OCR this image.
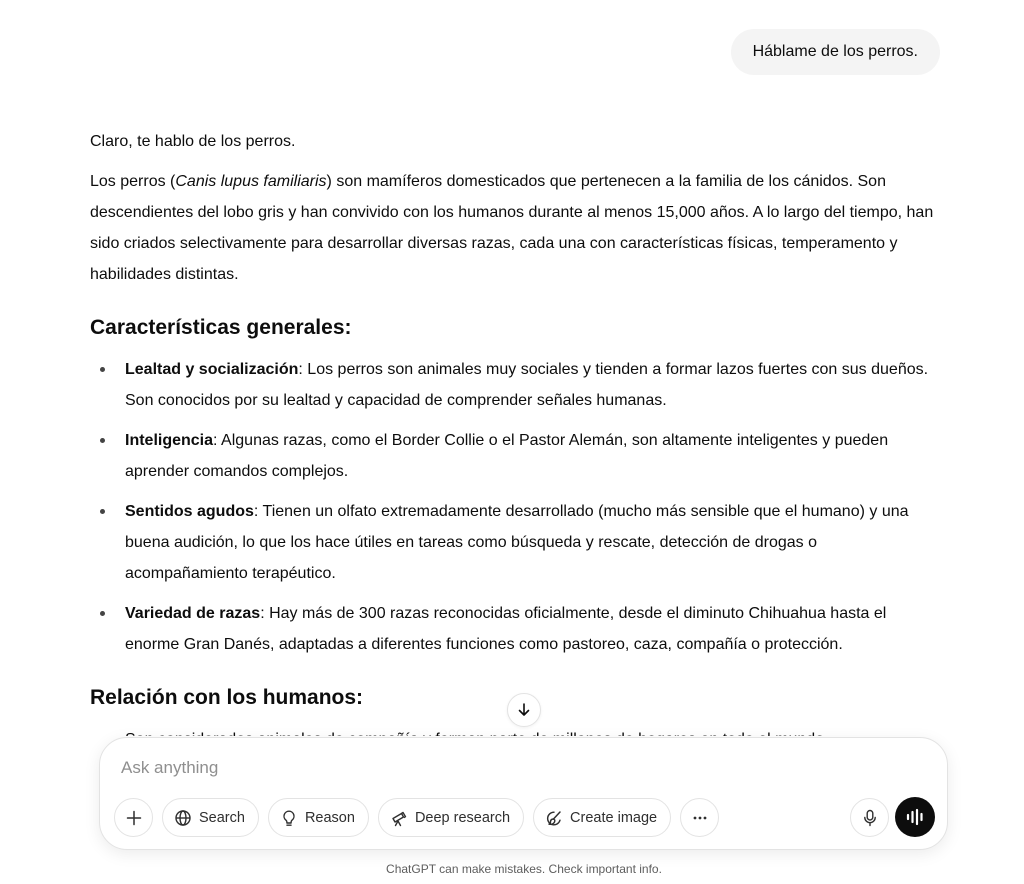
Háblame de los perros.

Claro, te hablo de los perros.

Los perros (Canis lupus familiaris) son mamíferos domesticados que pertenecen a la familia de los cánidos. Son descendientes del lobo gris y han convivido con los humanos durante al menos 15,000 años. A lo largo del tiempo, han sido criados selectivamente para desarrollar diversas razas, cada una con características físicas, temperamento y habilidades distintas.

Características generales:
Lealtad y socialización: Los perros son animales muy sociales y tienden a formar lazos fuertes con sus dueños. Son conocidos por su lealtad y capacidad de comprender señales humanas.
Inteligencia: Algunas razas, como el Border Collie o el Pastor Alemán, son altamente inteligentes y pueden aprender comandos complejos.
Sentidos agudos: Tienen un olfato extremadamente desarrollado (mucho más sensible que el humano) y una buena audición, lo que los hace útiles en tareas como búsqueda y rescate, detección de drogas o acompañamiento terapéutico.
Variedad de razas: Hay más de 300 razas reconocidas oficialmente, desde el diminuto Chihuahua hasta el enorme Gran Danés, adaptadas a diferentes funciones como pastoreo, caza, compañía o protección.
Relación con los humanos:
Ask anything
Search	Reason	Deep research	Create image
ChatGPT can make mistakes. Check important info.
